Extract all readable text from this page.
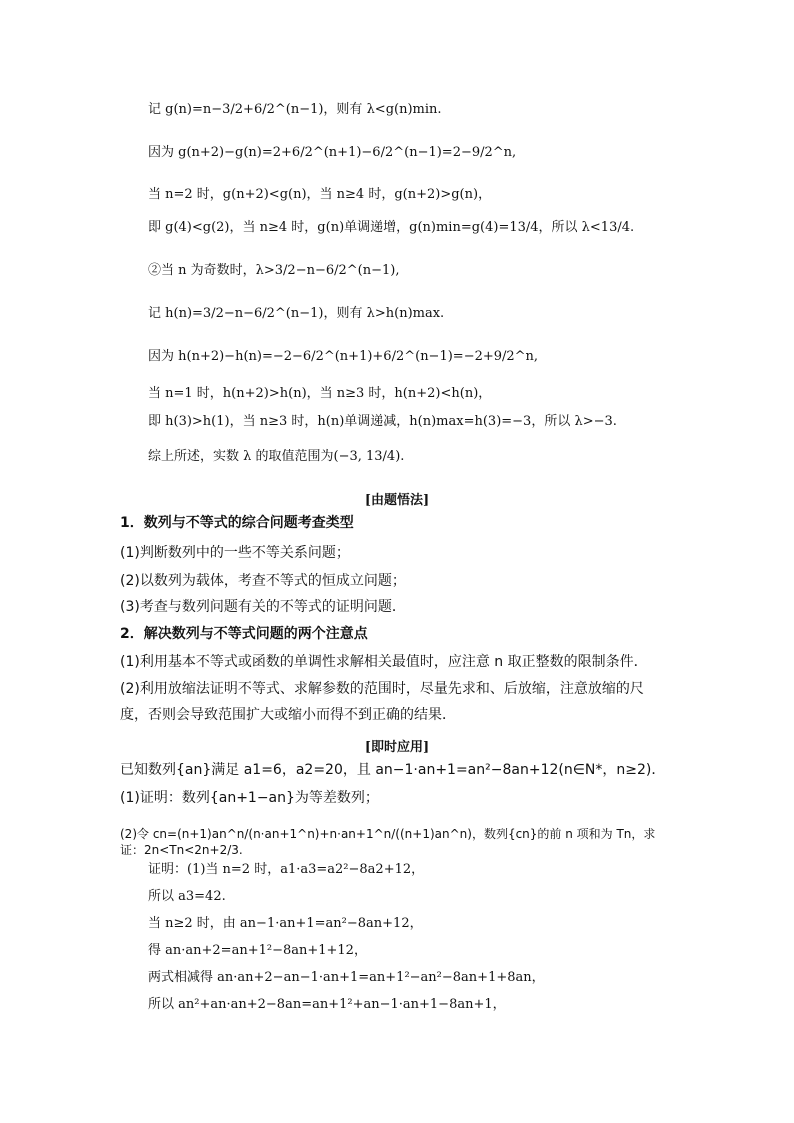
记 g(n)=n−3/2+6/2^(n−1)，则有 λ<g(n)min.
因为 g(n+2)−g(n)=2+6/2^(n+1)−6/2^(n−1)=2−9/2^n,
当 n=2 时，g(n+2)<g(n)，当 n≥4 时，g(n+2)>g(n)，
即 g(4)<g(2)，当 n≥4 时，g(n)单调递增，g(n)min=g(4)=13/4，所以 λ<13/4.
②当 n 为奇数时，λ>3/2−n−6/2^(n−1),
记 h(n)=3/2−n−6/2^(n−1)，则有 λ>h(n)max.
因为 h(n+2)−h(n)=−2−6/2^(n+1)+6/2^(n−1)=−2+9/2^n,
当 n=1 时，h(n+2)>h(n)，当 n≥3 时，h(n+2)<h(n)，
即 h(3)>h(1)，当 n≥3 时，h(n)单调递减，h(n)max=h(3)=−3，所以 λ>−3.
综上所述，实数 λ 的取值范围为(−3, 13/4).
[由题悟法]
1．数列与不等式的综合问题考查类型
(1)判断数列中的一些不等关系问题；
(2)以数列为载体，考查不等式的恒成立问题；
(3)考查与数列问题有关的不等式的证明问题．
2．解决数列与不等式问题的两个注意点
(1)利用基本不等式或函数的单调性求解相关最值时，应注意 n 取正整数的限制条件．
(2)利用放缩法证明不等式、求解参数的范围时，尽量先求和、后放缩，注意放缩的尺
度，否则会导致范围扩大或缩小而得不到正确的结果．
[即时应用]
已知数列{an}满足 a1=6，a2=20，且 an−1·an+1=an²−8an+12(n∈N*，n≥2)．
(1)证明：数列{an+1−an}为等差数列；
(2)令 cn=(n+1)an^n/(n·an+1^n)+n·an+1^n/((n+1)an^n)，数列{cn}的前 n 项和为 Tn，求证：2n<Tn<2n+2/3.
证明：(1)当 n=2 时，a1·a3=a2²−8a2+12，
所以 a3=42.
当 n≥2 时，由 an−1·an+1=an²−8an+12，
得 an·an+2=an+1²−8an+1+12，
两式相减得 an·an+2−an−1·an+1=an+1²−an²−8an+1+8an，
所以 an²+an·an+2−8an=an+1²+an−1·an+1−8an+1，
